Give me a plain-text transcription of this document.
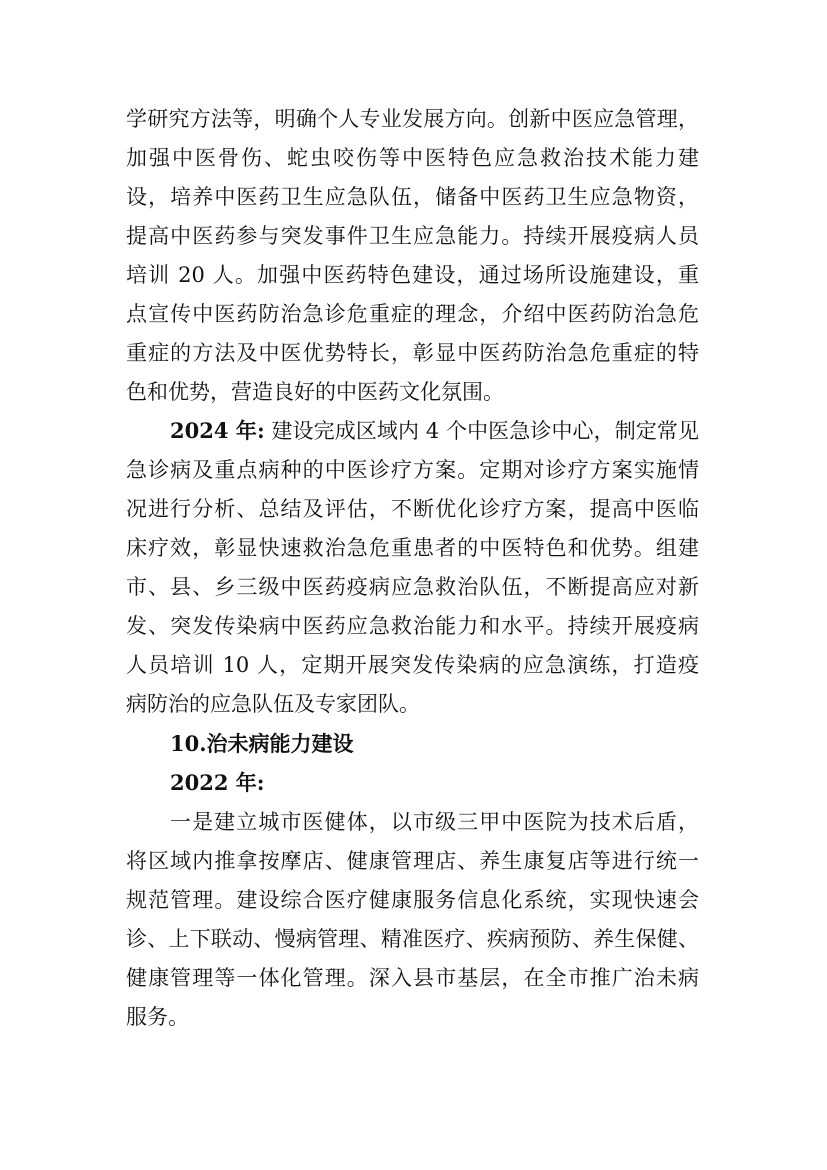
学研究方法等，明确个人专业发展方向。创新中医应急管理，
加强中医骨伤、蛇虫咬伤等中医特色应急救治技术能力建
设，培养中医药卫生应急队伍，储备中医药卫生应急物资，
提高中医药参与突发事件卫生应急能力。持续开展疫病人员
培训 20 人。加强中医药特色建设，通过场所设施建设，重
点宣传中医药防治急诊危重症的理念，介绍中医药防治急危
重症的方法及中医优势特长，彰显中医药防治急危重症的特
色和优势，营造良好的中医药文化氛围。
2024 年: 建设完成区域内 4 个中医急诊中心，制定常见
急诊病及重点病种的中医诊疗方案。定期对诊疗方案实施情
况进行分析、总结及评估，不断优化诊疗方案，提高中医临
床疗效，彰显快速救治急危重患者的中医特色和优势。组建
市、县、乡三级中医药疫病应急救治队伍，不断提高应对新
发、突发传染病中医药应急救治能力和水平。持续开展疫病
人员培训 10 人，定期开展突发传染病的应急演练，打造疫
病防治的应急队伍及专家团队。
10.治未病能力建设
2022 年:
一是建立城市医健体，以市级三甲中医院为技术后盾，
将区域内推拿按摩店、健康管理店、养生康复店等进行统一
规范管理。建设综合医疗健康服务信息化系统，实现快速会
诊、上下联动、慢病管理、精准医疗、疾病预防、养生保健、
健康管理等一体化管理。深入县市基层，在全市推广治未病
服务。
